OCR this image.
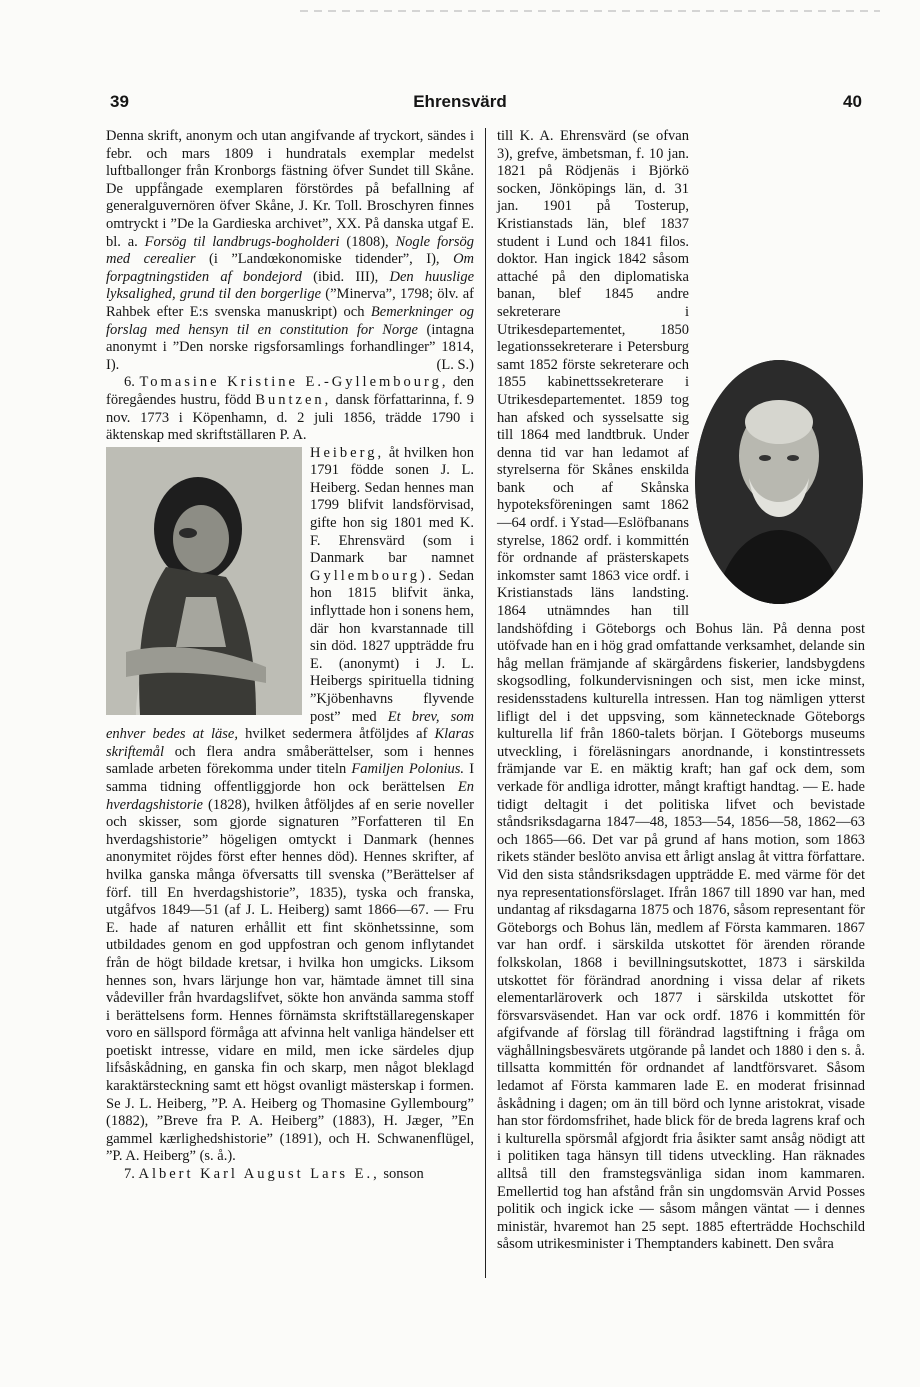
39	Ehrensvärd	40

Denna skrift, anonym och utan angifvande af tryckort, sändes i febr. och mars 1809 i hundratals exemplar medelst luftballonger från Kronborgs fästning öfver Sundet till Skåne. De uppfångade exemplaren förstördes på befallning af generalguvernören öfver Skåne, J. Kr. Toll. Broschyren finnes omtryckt i ”De la Gardieska archivet”, XX. På danska utgaf E. bl. a. Forsög til landbrugs-bogholderi (1808), Nogle forsög med cerealier (i ”Landœkonomiske tidender”, I), Om forpagtningstiden af bondejord (ibid. III), Den huuslige lyksalighed, grund til den borgerlige (”Minerva”, 1798; ölv. af Rahbek efter E:s svenska manuskript) och Bemerkninger og forslag med hensyn til en constitution for Norge (intagna anonymt i ”Den norske rigsforsamlings forhandlinger” 1814, I).	(L. S.)

6. Tomasine Kristine E.-Gyllembourg, den föregåendes hustru, född Buntzen, dansk författarinna, f. 9 nov. 1773 i Köpenhamn, d. 2 juli 1856, trädde 1790 i äktenskap med skriftställaren P. A.

Heiberg, åt hvilken hon 1791 födde sonen J. L. Heiberg. Sedan hennes man 1799 blifvit landsförvisad, gifte hon sig 1801 med K. F. Ehrensvärd (som i Danmark bar namnet Gyllembourg). Sedan hon 1815 blifvit änka, inflyttade hon i sonens hem, där hon kvarstannade till sin död. 1827 uppträdde fru E. (anonymt) i J. L. Heibergs spirituella tidning ”Kjöbenhavns flyvende post” med Et brev, som enhver bedes at läse, hvilket sedermera åtföljdes af Klaras skriftemål och flera andra småberättelser, som i hennes samlade arbeten förekomma under titeln Familjen Polonius. I samma tidning offentliggjorde hon ock berättelsen En hverdagshistorie (1828), hvilken åtföljdes af en serie noveller och skisser, som gjorde signaturen ”Forfatteren til En hverdagshistorie” högeligen omtyckt i Danmark (hennes anonymitet röjdes först efter hennes död). Hennes skrifter, af hvilka ganska många öfversatts till svenska (”Berättelser af förf. till En hverdagshistorie”, 1835), tyska och franska, utgåfvos 1849—51 (af J. L. Heiberg) samt 1866—67. — Fru E. hade af naturen erhållit ett fint skönhetssinne, som utbildades genom en god uppfostran och genom inflytandet från de högt bildade kretsar, i hvilka hon umgicks. Liksom hennes son, hvars lärjunge hon var, hämtade ämnet till sina vådeviller från hvardagslifvet, sökte hon använda samma stoff i berättelsens form. Hennes förnämsta skriftställaregenskaper voro en sällspord förmåga att afvinna helt vanliga händelser ett poetiskt intresse, vidare en mild, men icke särdeles djup lifsåskådning, en ganska fin och skarp, men något bleklagd karaktärsteckning samt ett högst ovanligt mästerskap i formen. Se J. L. Heiberg, ”P. A. Heiberg og Thomasine Gyllembourg” (1882), ”Breve fra P. A. Heiberg” (1883), H. Jæger, ”En gammel kærlighedshistorie” (1891), och H. Schwanenflügel, ”P. A. Heiberg” (s. å.).

7. Albert Karl August Lars E., sonson

till K. A. Ehrensvärd (se ofvan 3), grefve, ämbetsman, f. 10 jan. 1821 på Rödjenäs i Björkö socken, Jönköpings län, d. 31 jan. 1901 på Tosterup, Kristianstads län, blef 1837 student i Lund och 1841 filos. doktor. Han ingick 1842 såsom attaché på den diplomatiska banan, blef 1845 andre sekreterare i Utrikesdepartementet, 1850 legationssekreterare i Petersburg samt 1852 förste sekreterare och 1855 kabinettssekreterare i Utrikesdepartementet. 1859 tog han afsked och sysselsatte sig till 1864 med landtbruk. Under denna tid var han ledamot af styrelserna för Skånes enskilda bank och af Skånska hypoteksföreningen samt 1862—64 ordf. i Ystad—Eslöfbanans styrelse, 1862 ordf. i kommittén för ordnande af prästerskapets inkomster samt 1863 vice ordf. i Kristianstads läns landsting. 1864 utnämndes han till landshöfding i Göteborgs och Bohus län. På denna post utöfvade han en i hög grad omfattande verksamhet, delande sin håg mellan främjande af skärgårdens fiskerier, landsbygdens skogsodling, folkundervisningen och sist, men icke minst, residensstadens kulturella intressen. Han tog nämligen ytterst lifligt del i det uppsving, som kännetecknade Göteborgs kulturella lif från 1860-talets början. I Göteborgs museums utveckling, i föreläsningars anordnande, i konstintressets främjande var E. en mäktig kraft; han gaf ock dem, som verkade för andliga idrotter, mångt kraftigt handtag. — E. hade tidigt deltagit i det politiska lifvet och bevistade ståndsriksdagarna 1847—48, 1853—54, 1856—58, 1862—63 och 1865—66. Det var på grund af hans motion, som 1863 rikets ständer beslöto anvisa ett årligt anslag åt vittra författare. Vid den sista ståndsriksdagen uppträdde E. med värme för det nya representationsförslaget. Ifrån 1867 till 1890 var han, med undantag af riksdagarna 1875 och 1876, såsom representant för Göteborgs och Bohus län, medlem af Första kammaren. 1867 var han ordf. i särskilda utskottet för ärenden rörande folkskolan, 1868 i bevillningsutskottet, 1873 i särskilda utskottet för förändrad anordning i vissa delar af rikets elementarläroverk och 1877 i särskilda utskottet för försvarsväsendet. Han var ock ordf. 1876 i kommittén för afgifvande af förslag till förändrad lagstiftning i fråga om väghållningsbesvärets utgörande på landet och 1880 i den s. å. tillsatta kommittén för ordnandet af landtförsvaret. Såsom ledamot af Första kammaren lade E. en moderat frisinnad åskådning i dagen; om än till börd och lynne aristokrat, visade han stor fördomsfrihet, hade blick för de breda lagrens kraf och i kulturella spörsmål afgjordt fria åsikter samt ansåg nödigt att i politiken taga hänsyn till tidens utveckling. Han räknades alltså till den framstegsvänliga sidan inom kammaren. Emellertid tog han afstånd från sin ungdomsvän Arvid Posses politik och ingick icke — såsom mången väntat — i dennes ministär, hvaremot han 25 sept. 1885 efterträdde Hochschild såsom utrikesminister i Themptanders kabinett. Den svåra
